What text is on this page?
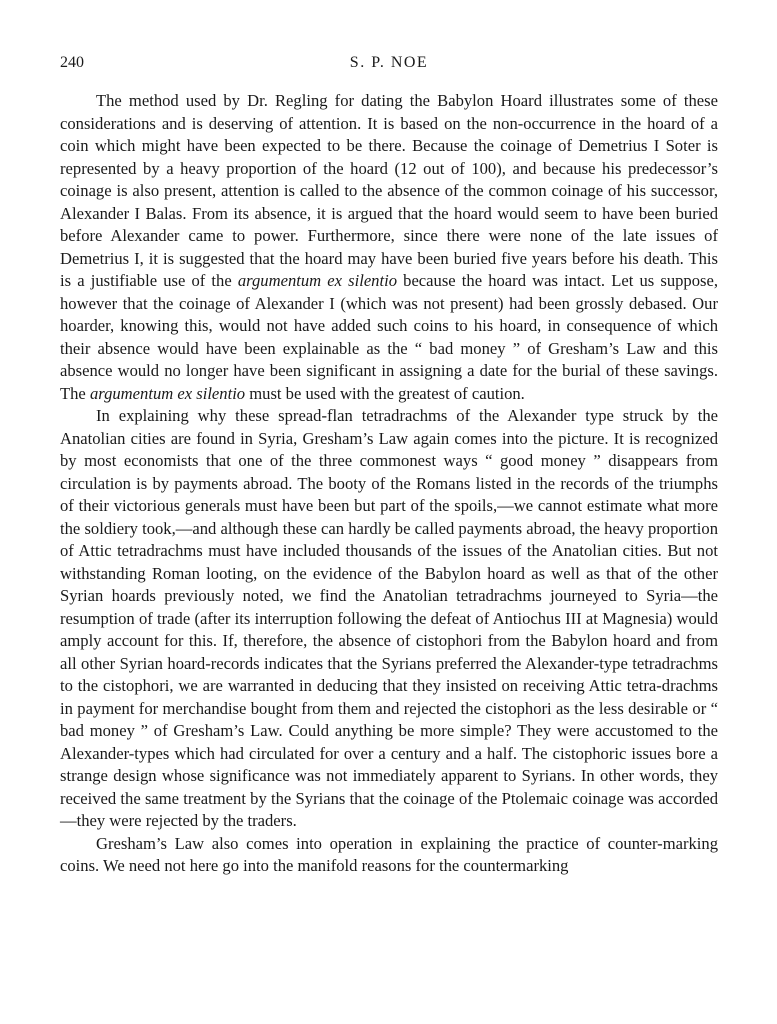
240	S. P. NOE

The method used by Dr. Regling for dating the Babylon Hoard illustrates some of these considerations and is deserving of attention. It is based on the non-occurrence in the hoard of a coin which might have been expected to be there. Because the coinage of Demetrius I Soter is represented by a heavy proportion of the hoard (12 out of 100), and because his predecessor’s coinage is also present, attention is called to the absence of the common coinage of his successor, Alexander I Balas. From its absence, it is argued that the hoard would seem to have been buried before Alexander came to power. Furthermore, since there were none of the late issues of Demetrius I, it is suggested that the hoard may have been buried five years before his death. This is a justifiable use of the argumentum ex silentio because the hoard was intact. Let us suppose, however that the coinage of Alexander I (which was not present) had been grossly debased. Our hoarder, knowing this, would not have added such coins to his hoard, in consequence of which their absence would have been explainable as the “ bad money ” of Gresham’s Law and this absence would no longer have been significant in assigning a date for the burial of these savings. The argumentum ex silentio must be used with the greatest of caution.

In explaining why these spread-flan tetradrachms of the Alexander type struck by the Anatolian cities are found in Syria, Gresham’s Law again comes into the picture. It is recognized by most economists that one of the three commonest ways “ good money ” disappears from circulation is by payments abroad. The booty of the Romans listed in the records of the triumphs of their victorious generals must have been but part of the spoils,—we cannot estimate what more the soldiery took,—and although these can hardly be called payments abroad, the heavy proportion of Attic tetradrachms must have included thousands of the issues of the Anatolian cities. But not withstanding Roman looting, on the evidence of the Babylon hoard as well as that of the other Syrian hoards previously noted, we find the Anatolian tetradrachms journeyed to Syria—the resumption of trade (after its interruption following the defeat of Antiochus III at Magnesia) would amply account for this. If, therefore, the absence of cistophori from the Babylon hoard and from all other Syrian hoard-records indicates that the Syrians preferred the Alexander-type tetradrachms to the cistophori, we are warranted in deducing that they insisted on receiving Attic tetra-drachms in payment for merchandise bought from them and rejected the cistophori as the less desirable or “ bad money ” of Gresham’s Law. Could anything be more simple? They were accustomed to the Alexander-types which had circulated for over a century and a half. The cistophoric issues bore a strange design whose significance was not immediately apparent to Syrians. In other words, they received the same treatment by the Syrians that the coinage of the Ptolemaic coinage was accorded—they were rejected by the traders.

Gresham’s Law also comes into operation in explaining the practice of counter-marking coins. We need not here go into the manifold reasons for the countermarking
